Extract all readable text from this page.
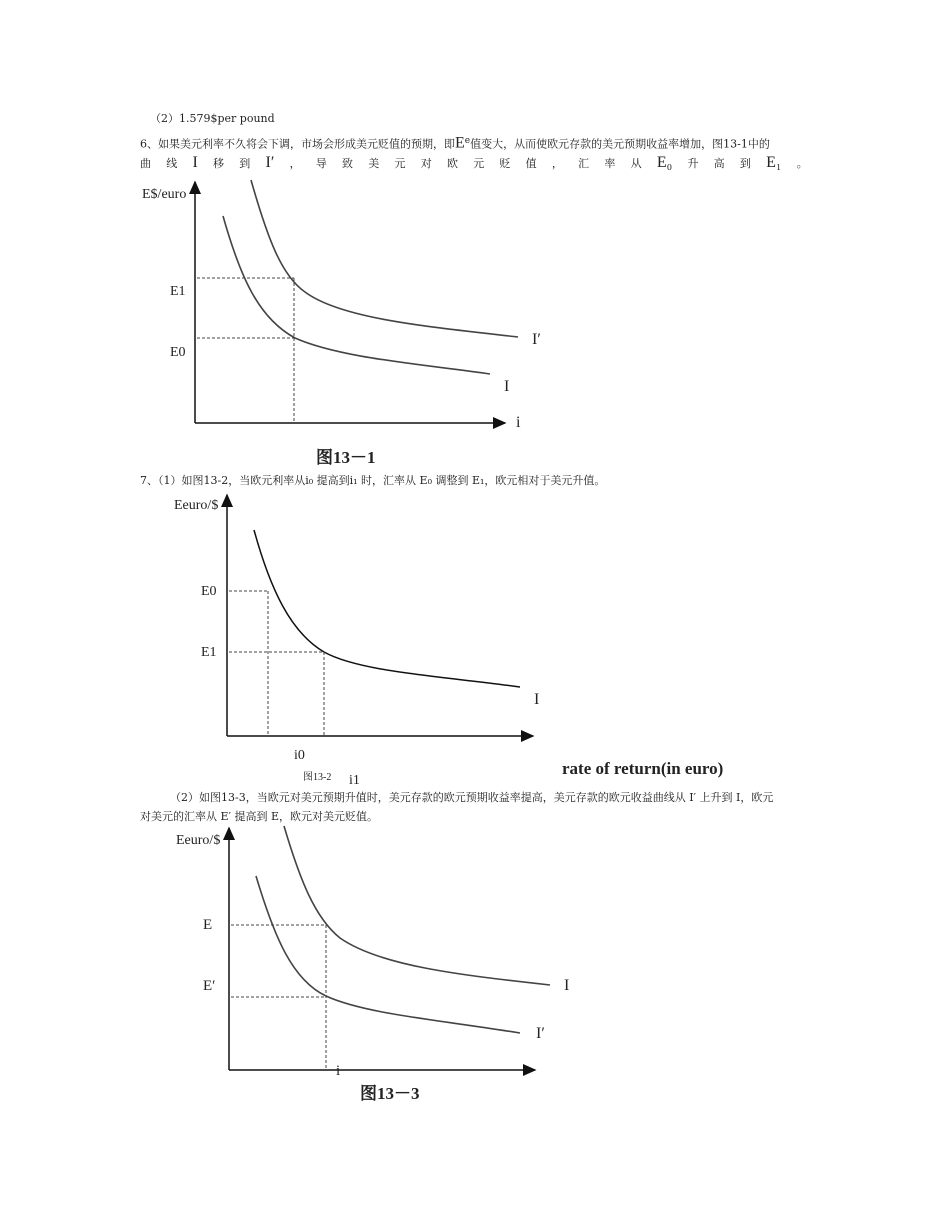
（2）1.579$per pound
6、如果美元利率不久将会下调，市场会形成美元贬值的预期，即$E^e$值变大，从而使欧元存款的美元预期收益率增加，图13-1中的
曲 线 I 移 到 I′ ， 导 致 美 元 对 欧 元 贬 值 ， 汇 率 从 E₀ 升 高 到 E₁ 。
7、（1）如图13-2，当欧元利率从i₀ 提高到i₁ 时，汇率从 E₀ 调整到 E₁，欧元相对于美元升值。
（2）如图13-3，当欧元对美元预期升值时，美元存款的欧元预期收益率提高，美元存款的欧元收益曲线从 I′ 上升到 I，欧元
对美元的汇率从 E′ 提高到 E，欧元对美元贬值。
E$/euro
E1
E0
I′
I
i
图13－1
Eeuro/$
E0
E1
I
i0
图13-2 i1
rate of return(in euro)
Eeuro/$
E
E′	I
I′
i
图13－3
